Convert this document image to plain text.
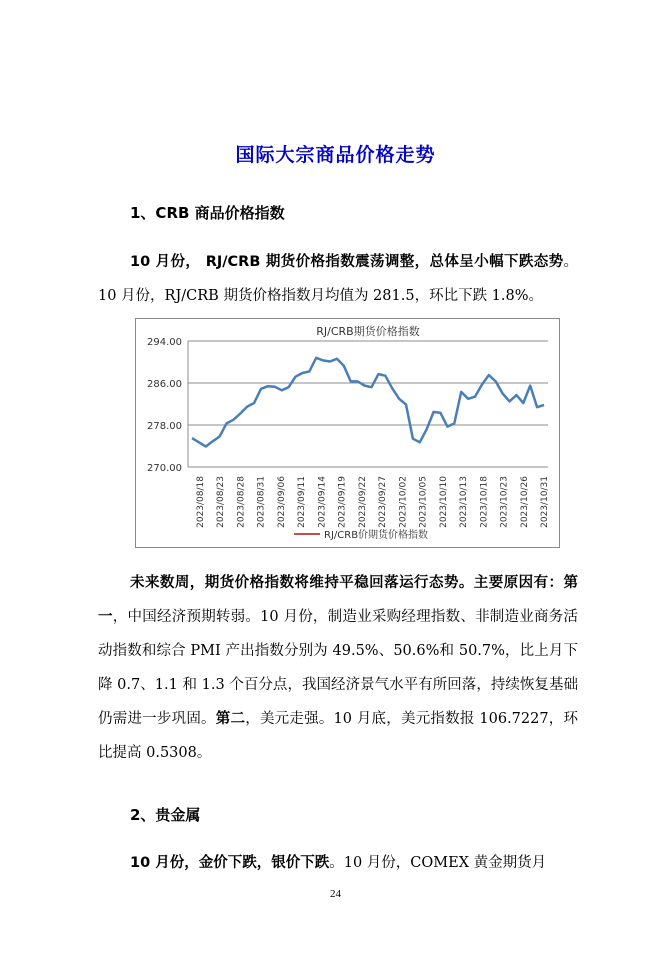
国际大宗商品价格走势
1、CRB 商品价格指数
10 月份， RJ/CRB 期货价格指数震荡调整，总体呈小幅下跌态势。10 月份，RJ/CRB 期货价格指数月均值为 281.5，环比下跌 1.8%。
RJ/CRB期货价格指数
270.00
278.00
286.00
294.00
2023/08/18 2023/08/23 2023/08/28 2023/08/31 2023/09/06 2023/09/11 2023/09/14 2023/09/19 2023/09/22 2023/09/27 2023/10/02 2023/10/05 2023/10/10 2023/10/13 2023/10/18 2023/10/23 2023/10/26 2023/10/31
RJ/CRB价期货价格指数
未来数周，期货价格指数将维持平稳回落运行态势。主要原因有：第一，中国经济预期转弱。10 月份，制造业采购经理指数、非制造业商务活动指数和综合 PMI 产出指数分别为 49.5%、50.6%和 50.7%，比上月下降 0.7、1.1 和 1.3 个百分点，我国经济景气水平有所回落，持续恢复基础仍需进一步巩固。第二，美元走强。10 月底，美元指数报 106.7227，环比提高 0.5308。
2、贵金属
10 月份，金价下跌，银价下跌。10 月份，COMEX 黄金期货月
24
